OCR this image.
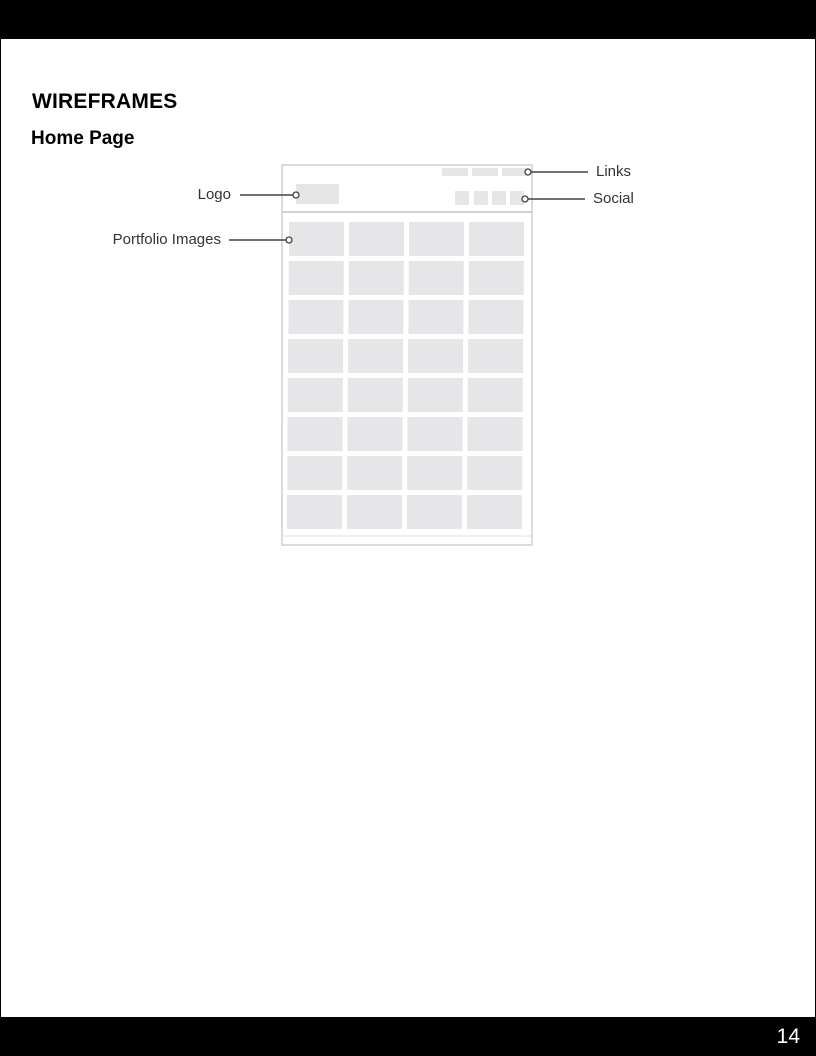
WIREFRAMES
Home Page
Links
Social
Logo
Portfolio Images
14
